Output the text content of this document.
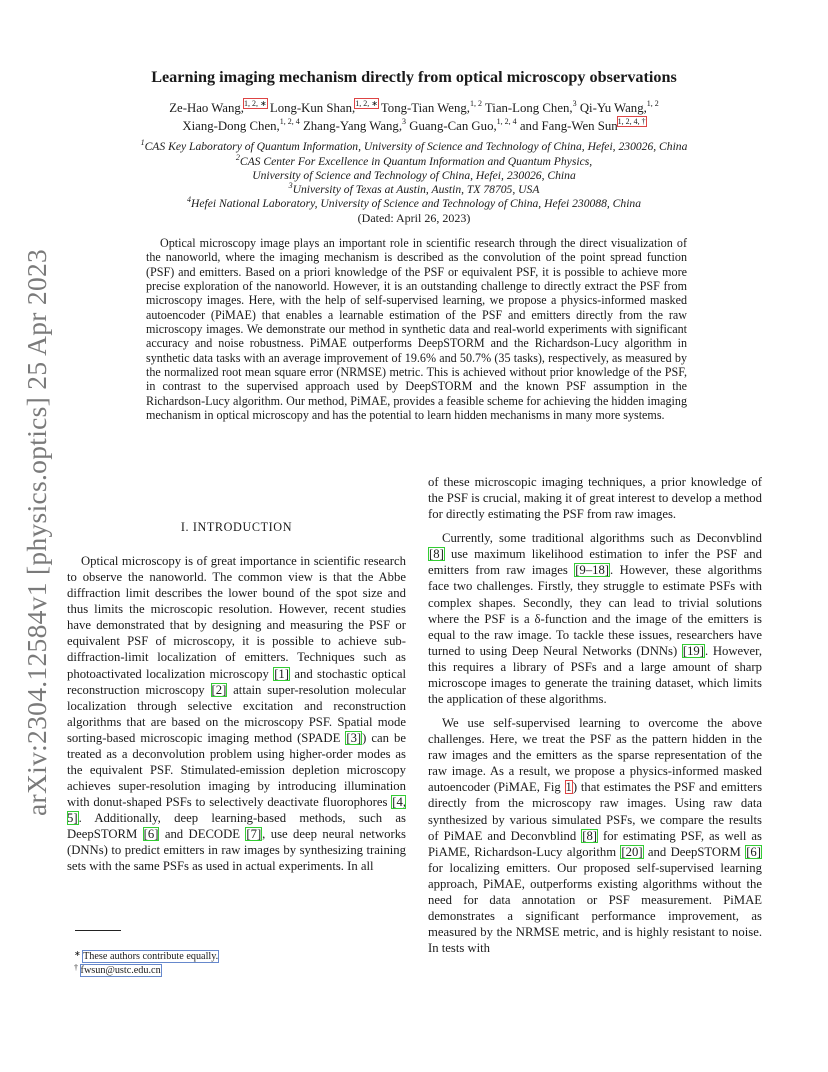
arXiv:2304.12584v1 [physics.optics] 25 Apr 2023
Learning imaging mechanism directly from optical microscopy observations
Ze-Hao Wang,$^{1, 2, ∗}$ Long-Kun Shan,$^{1, 2, ∗}$ Tong-Tian Weng,$^{1, 2}$ Tian-Long Chen,$^3$ Qi-Yu Wang,$^{1, 2}$
Xiang-Dong Chen,$^{1, 2, 4}$ Zhang-Yang Wang,$^3$ Guang-Can Guo,$^{1, 2, 4}$ and Fang-Wen Sun$^{1, 2, 4, \dagger}$
$^1$CAS Key Laboratory of Quantum Information, University of Science and Technology of China, Hefei, 230026, China
$^2$CAS Center For Excellence in Quantum Information and Quantum Physics,
University of Science and Technology of China, Hefei, 230026, China
$^3$University of Texas at Austin, Austin, TX 78705, USA
$^4$Hefei National Laboratory, University of Science and Technology of China, Hefei 230088, China
(Dated: April 26, 2023)
Optical microscopy image plays an important role in scientific research through the direct visualization of the nanoworld, where the imaging mechanism is described as the convolution of the point spread function (PSF) and emitters. Based on a priori knowledge of the PSF or equivalent PSF, it is possible to achieve more precise exploration of the nanoworld. However, it is an outstanding challenge to directly extract the PSF from microscopy images. Here, with the help of self-supervised learning, we propose a physics-informed masked autoencoder (PiMAE) that enables a learnable estimation of the PSF and emitters directly from the raw microscopy images. We demonstrate our method in synthetic data and real-world experiments with significant accuracy and noise robustness. PiMAE outperforms DeepSTORM and the Richardson-Lucy algorithm in synthetic data tasks with an average improvement of 19.6% and 50.7% (35 tasks), respectively, as measured by the normalized root mean square error (NRMSE) metric. This is achieved without prior knowledge of the PSF, in contrast to the supervised approach used by DeepSTORM and the known PSF assumption in the Richardson-Lucy algorithm. Our method, PiMAE, provides a feasible scheme for achieving the hidden imaging mechanism in optical microscopy and has the potential to learn hidden mechanisms in many more systems.
I. INTRODUCTION

Optical microscopy is of great importance in scientific research to observe the nanoworld. The common view is that the Abbe diffraction limit describes the lower bound of the spot size and thus limits the microscopic resolution. However, recent studies have demonstrated that by designing and measuring the PSF or equivalent PSF of microscopy, it is possible to achieve sub-diffraction-limit localization of emitters. Techniques such as photoactivated localization microscopy [1] and stochastic optical reconstruction microscopy [2] attain super-resolution molecular localization through selective excitation and reconstruction algorithms that are based on the microscopy PSF. Spatial mode sorting-based microscopic imaging method (SPADE [3]) can be treated as a deconvolution problem using higher-order modes as the equivalent PSF. Stimulated-emission depletion microscopy achieves super-resolution imaging by introducing illumination with donut-shaped PSFs to selectively deactivate fluorophores [4, 5]. Additionally, deep learning-based methods, such as DeepSTORM [6] and DECODE [7], use deep neural networks (DNNs) to predict emitters in raw images by synthesizing training sets with the same PSFs as used in actual experiments. In all

of these microscopic imaging techniques, a prior knowledge of the PSF is crucial, making it of great interest to develop a method for directly estimating the PSF from raw images.

Currently, some traditional algorithms such as Deconvblind [8] use maximum likelihood estimation to infer the PSF and emitters from raw images [9–18]. However, these algorithms face two challenges. Firstly, they struggle to estimate PSFs with complex shapes. Secondly, they can lead to trivial solutions where the PSF is a δ-function and the image of the emitters is equal to the raw image. To tackle these issues, researchers have turned to using Deep Neural Networks (DNNs) [19]. However, this requires a library of PSFs and a large amount of sharp microscope images to generate the training dataset, which limits the application of these algorithms.

We use self-supervised learning to overcome the above challenges. Here, we treat the PSF as the pattern hidden in the raw images and the emitters as the sparse representation of the raw image. As a result, we propose a physics-informed masked autoencoder (PiMAE, Fig 1) that estimates the PSF and emitters directly from the microscopy raw images. Using raw data synthesized by various simulated PSFs, we compare the results of PiMAE and Deconvblind [8] for estimating PSF, as well as PiAME, Richardson-Lucy algorithm [20] and DeepSTORM [6] for localizing emitters. Our proposed self-supervised learning approach, PiMAE, outperforms existing algorithms without the need for data annotation or PSF measurement. PiMAE demonstrates a significant performance improvement, as measured by the NRMSE metric, and is highly resistant to noise. In tests with

∗ These authors contribute equally.
† fwsun@ustc.edu.cn
